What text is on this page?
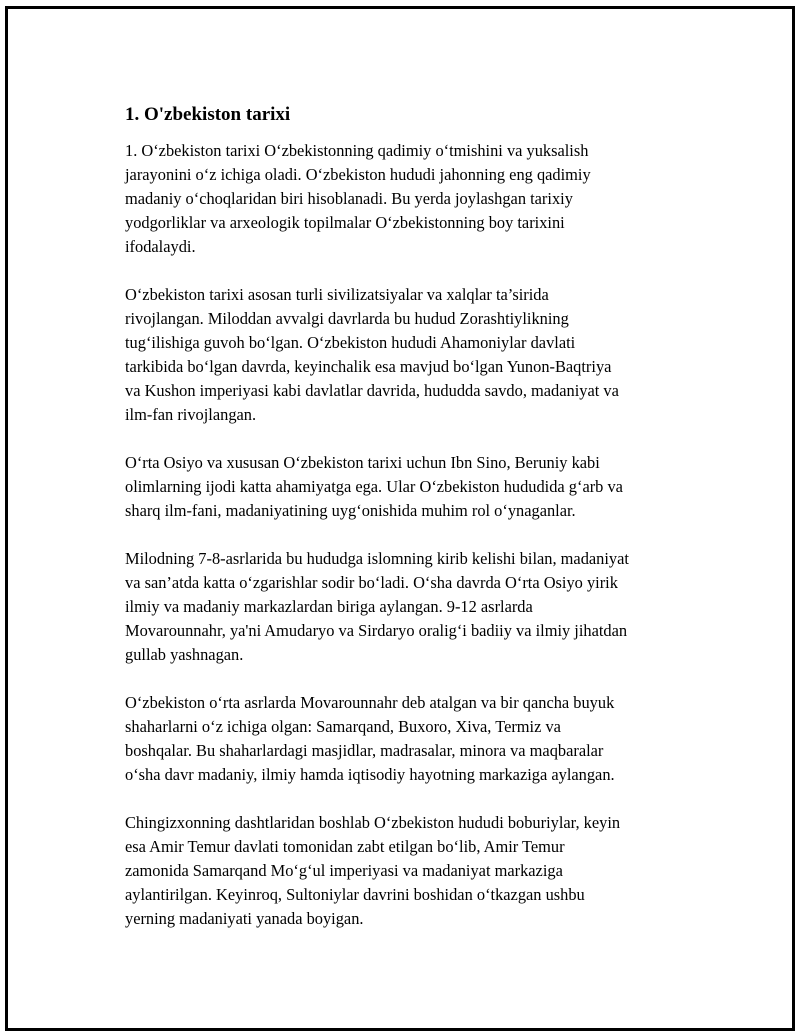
1. O'zbekiston tarixi

1. O‘zbekiston tarixi O‘zbekistonning qadimiy o‘tmishini va yuksalish
jarayonini o‘z ichiga oladi. O‘zbekiston hududi jahonning eng qadimiy
madaniy o‘choqlaridan biri hisoblanadi. Bu yerda joylashgan tarixiy
yodgorliklar va arxeologik topilmalar O‘zbekistonning boy tarixini
ifodalaydi.

O‘zbekiston tarixi asosan turli sivilizatsiyalar va xalqlar ta’sirida
rivojlangan. Miloddan avvalgi davrlarda bu hudud Zorashtiylikning
tug‘ilishiga guvoh bo‘lgan. O‘zbekiston hududi Ahamoniylar davlati
tarkibida bo‘lgan davrda, keyinchalik esa mavjud bo‘lgan Yunon-Baqtriya
va Kushon imperiyasi kabi davlatlar davrida, hududda savdo, madaniyat va
ilm-fan rivojlangan.

O‘rta Osiyo va xususan O‘zbekiston tarixi uchun Ibn Sino, Beruniy kabi
olimlarning ijodi katta ahamiyatga ega. Ular O‘zbekiston hududida g‘arb va
sharq ilm-fani, madaniyatining uyg‘onishida muhim rol o‘ynaganlar.

Milodning 7-8-asrlarida bu hududga islomning kirib kelishi bilan, madaniyat
va san’atda katta o‘zgarishlar sodir bo‘ladi. O‘sha davrda O‘rta Osiyo yirik
ilmiy va madaniy markazlardan biriga aylangan. 9-12 asrlarda
Movarounnahr, ya'ni Amudaryo va Sirdaryo oralig‘i badiiy va ilmiy jihatdan
gullab yashnagan.

O‘zbekiston o‘rta asrlarda Movarounnahr deb atalgan va bir qancha buyuk
shaharlarni o‘z ichiga olgan: Samarqand, Buxoro, Xiva, Termiz va
boshqalar. Bu shaharlardagi masjidlar, madrasalar, minora va maqbaralar
o‘sha davr madaniy, ilmiy hamda iqtisodiy hayotning markaziga aylangan.

Chingizxonning dashtlaridan boshlab O‘zbekiston hududi boburiylar, keyin
esa Amir Temur davlati tomonidan zabt etilgan bo‘lib, Amir Temur
zamonida Samarqand Mo‘g‘ul imperiyasi va madaniyat markaziga
aylantirilgan. Keyinroq, Sultoniylar davrini boshidan o‘tkazgan ushbu
yerning madaniyati yanada boyigan.
